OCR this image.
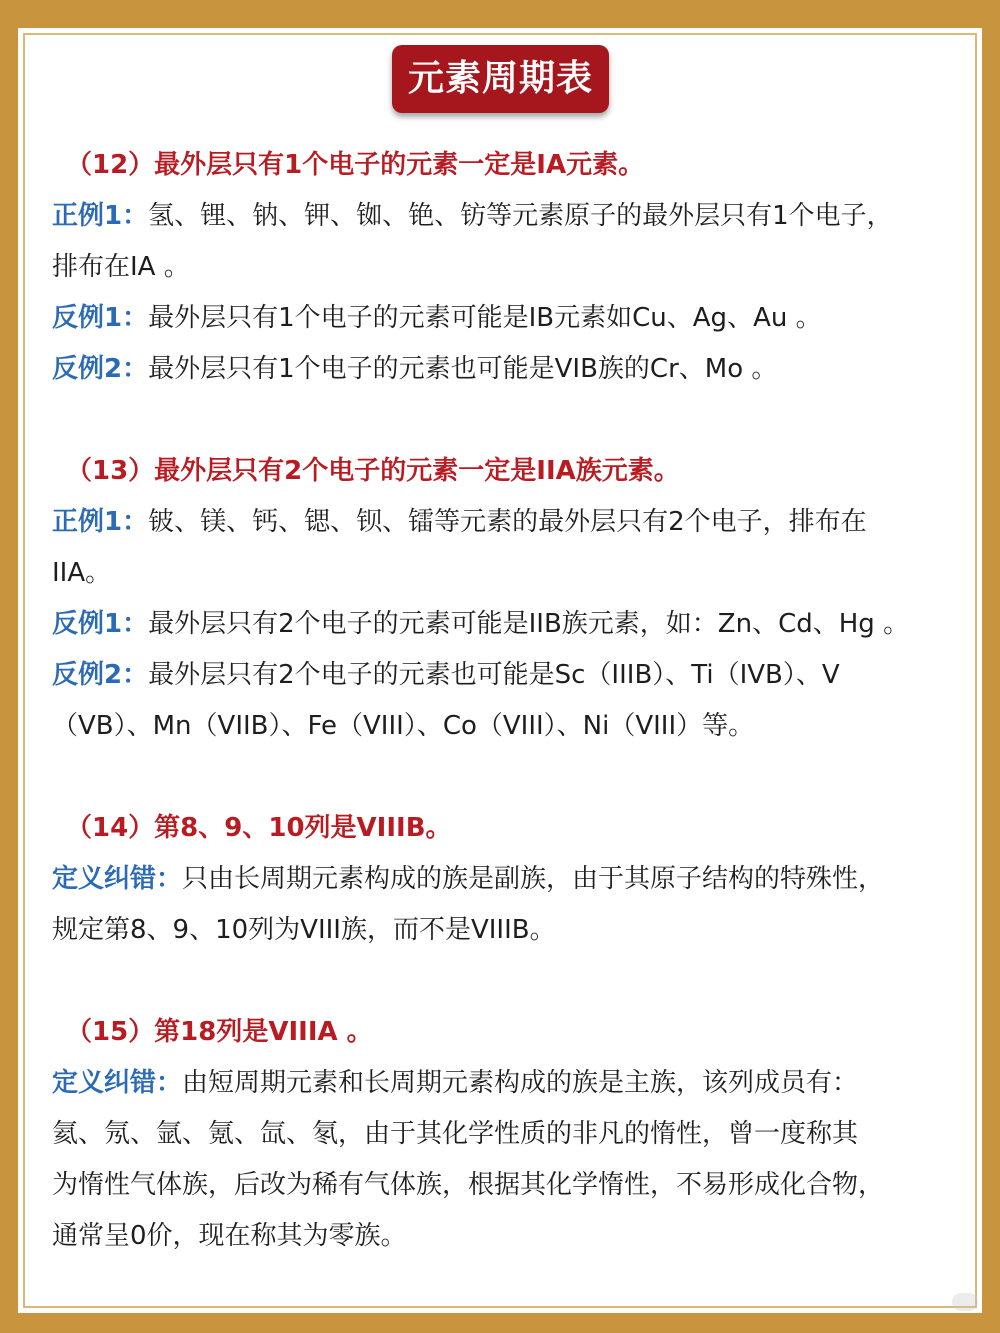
元素周期表
（12）最外层只有1个电子的元素一定是IA元素。
正例1：氢、锂、钠、钾、铷、铯、钫等元素原子的最外层只有1个电子，
排布在IA 。
反例1：最外层只有1个电子的元素可能是IB元素如Cu、Ag、Au 。
反例2：最外层只有1个电子的元素也可能是VIB族的Cr、Mo 。
（13）最外层只有2个电子的元素一定是IIA族元素。
正例1：铍、镁、钙、锶、钡、镭等元素的最外层只有2个电子，排布在
IIA。
反例1：最外层只有2个电子的元素可能是IIB族元素，如：Zn、Cd、Hg 。
反例2：最外层只有2个电子的元素也可能是Sc（IIIB）、Ti（IVB）、V
（VB）、Mn（VIIB）、Fe（VIII）、Co（VIII）、Ni（VIII）等。
（14）第8、9、10列是VIIIB。
定义纠错：只由长周期元素构成的族是副族，由于其原子结构的特殊性，
规定第8、9、10列为VIII族，而不是VIIIB。
（15）第18列是VIIIA 。
定义纠错：由短周期元素和长周期元素构成的族是主族，该列成员有：
氦、氖、氩、氪、氙、氡，由于其化学性质的非凡的惰性，曾一度称其
为惰性气体族，后改为稀有气体族，根据其化学惰性，不易形成化合物，
通常呈0价，现在称其为零族。
